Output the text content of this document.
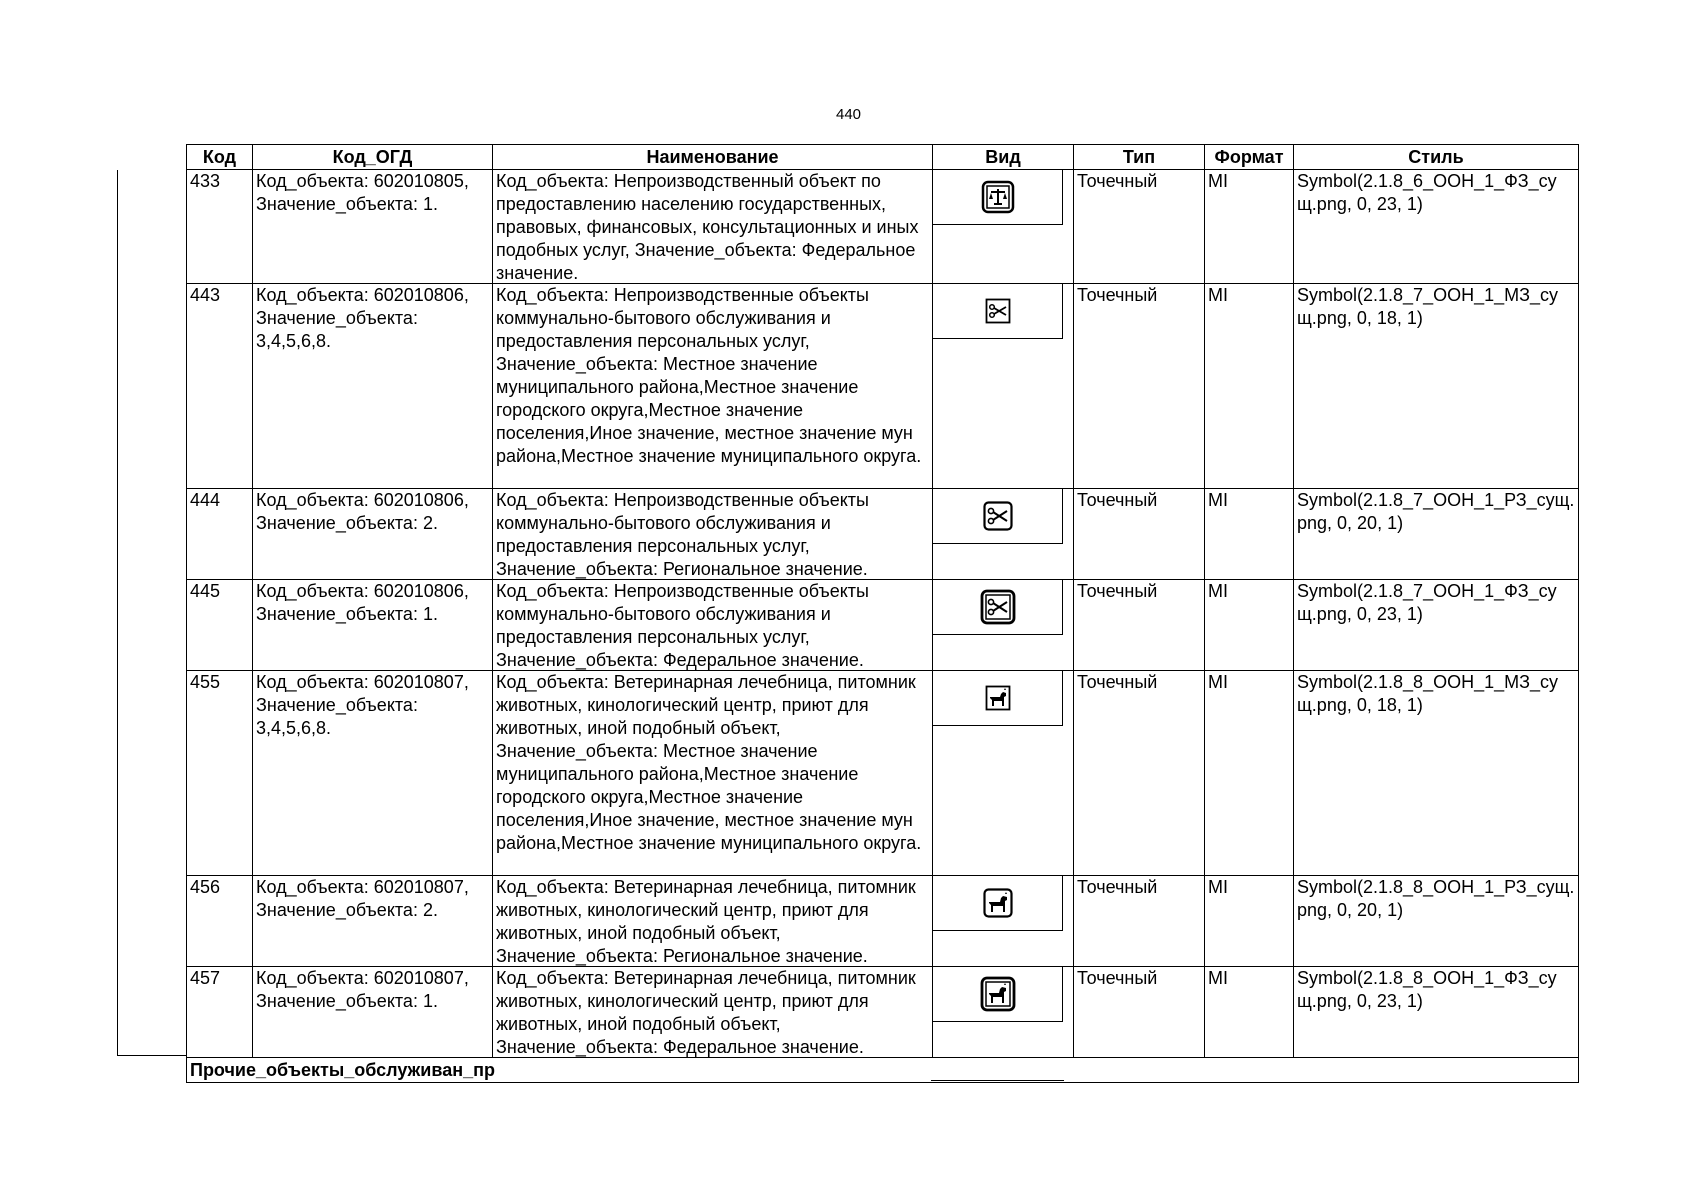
440
Код	Код_ОГД	Наименование	Вид	Тип	Формат	Стиль
433	Код_объекта: 602010805, Значение_объекта: 1.	Код_объекта: Непроизводственный объект по предоставлению населению государственных, правовых, финансовых, консультационных и иных подобных услуг, Значение_объекта: Федеральное значение.		Точечный	MI	Symbol(2.1.8_6_ООН_1_ФЗ_сущ.png, 0, 23, 1)
443	Код_объекта: 602010806, Значение_объекта: 3,4,5,6,8.	Код_объекта: Непроизводственные объекты коммунально-бытового обслуживания и предоставления персональных услуг, Значение_объекта: Местное значение муниципального района,Местное значение городского округа,Местное значение поселения,Иное значение, местное значение мун района,Местное значение муниципального округа.		Точечный	MI	Symbol(2.1.8_7_ООН_1_МЗ_сущ.png, 0, 18, 1)
444	Код_объекта: 602010806, Значение_объекта: 2.	Код_объекта: Непроизводственные объекты коммунально-бытового обслуживания и предоставления персональных услуг, Значение_объекта: Региональное значение.		Точечный	MI	Symbol(2.1.8_7_ООН_1_РЗ_сущ.png, 0, 20, 1)
445	Код_объекта: 602010806, Значение_объекта: 1.	Код_объекта: Непроизводственные объекты коммунально-бытового обслуживания и предоставления персональных услуг, Значение_объекта: Федеральное значение.		Точечный	MI	Symbol(2.1.8_7_ООН_1_ФЗ_сущ.png, 0, 23, 1)
455	Код_объекта: 602010807, Значение_объекта: 3,4,5,6,8.	Код_объекта: Ветеринарная лечебница, питомник животных, кинологический центр, приют для животных, иной подобный объект, Значение_объекта: Местное значение муниципального района,Местное значение городского округа,Местное значение поселения,Иное значение, местное значение мун района,Местное значение муниципального округа.		Точечный	MI	Symbol(2.1.8_8_ООН_1_МЗ_сущ.png, 0, 18, 1)
456	Код_объекта: 602010807, Значение_объекта: 2.	Код_объекта: Ветеринарная лечебница, питомник животных, кинологический центр, приют для животных, иной подобный объект, Значение_объекта: Региональное значение.		Точечный	MI	Symbol(2.1.8_8_ООН_1_РЗ_сущ.png, 0, 20, 1)
457	Код_объекта: 602010807, Значение_объекта: 1.	Код_объекта: Ветеринарная лечебница, питомник животных, кинологический центр, приют для животных, иной подобный объект, Значение_объекта: Федеральное значение.		Точечный	MI	Symbol(2.1.8_8_ООН_1_ФЗ_сущ.png, 0, 23, 1)
Прочие_объекты_обслуживан_пр						
